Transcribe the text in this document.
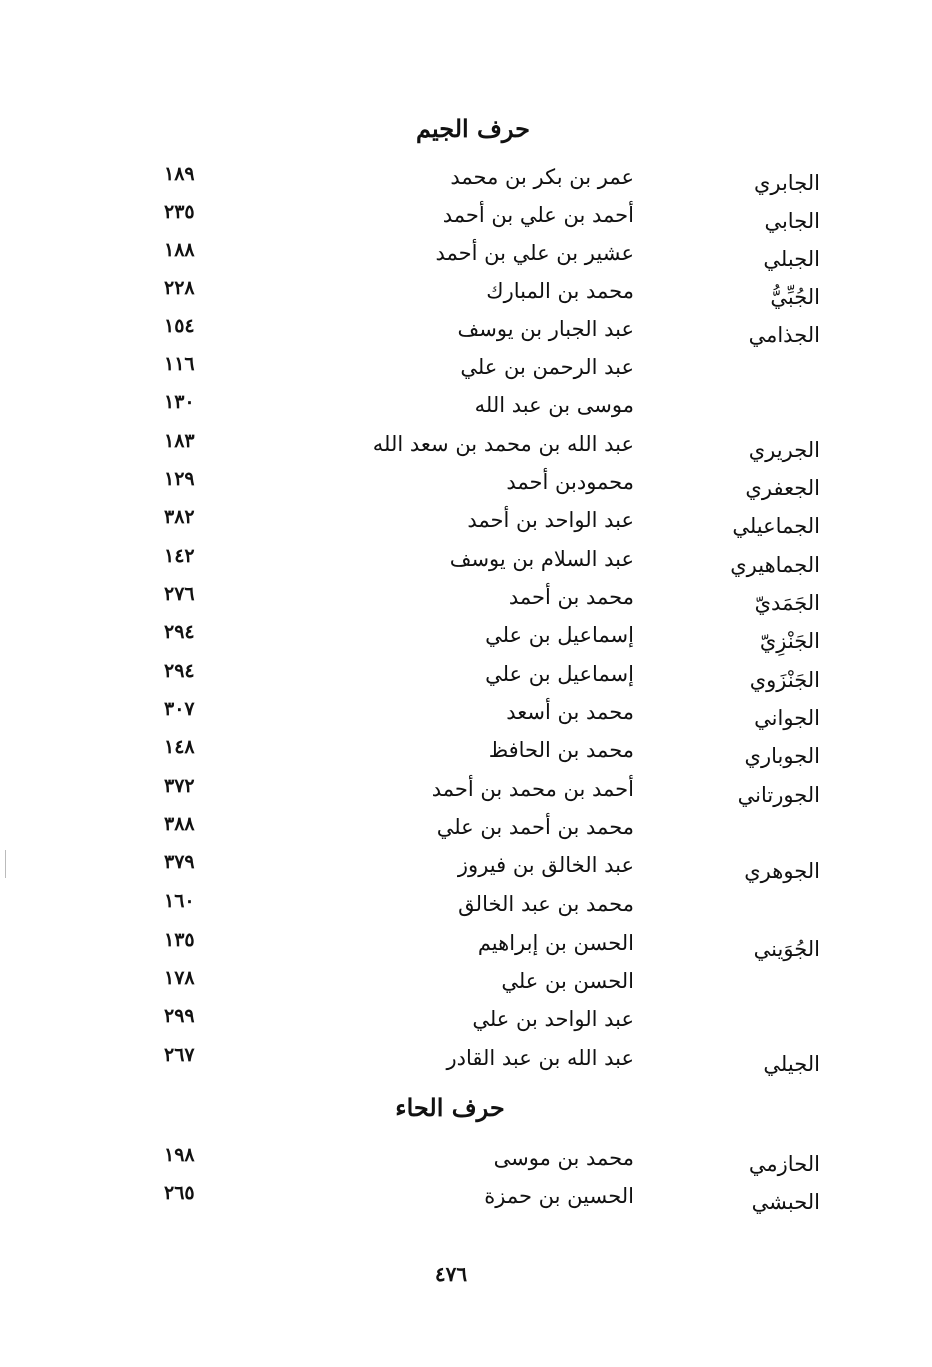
حرف الجيم
الجابري
عمر بن بكر بن محمد
١٨٩
الجابي
أحمد بن علي بن أحمد
٢٣٥
الجبلي
عشير بن علي بن أحمد
١٨٨
الجُبِّيُّ
محمد بن المبارك
٢٢٨
الجذامي
عبد الجبار بن يوسف
١٥٤
عبد الرحمن بن علي
١١٦
موسى بن عبد الله
١٣٠
الجريري
عبد الله بن محمد بن سعد الله
١٨٣
الجعفري
محمودبن أحمد
١٢٩
الجماعيلي
عبد الواحد بن أحمد
٣٨٢
الجماهيري
عبد السلام بن يوسف
١٤٢
الجَمَديّ
محمد بن أحمد
٢٧٦
الجَنْزِيّ
إسماعيل بن علي
٢٩٤
الجَنْزَوي
إسماعيل بن علي
٢٩٤
الجواني
محمد بن أسعد
٣٠٧
الجوباري
محمد بن الحافظ
١٤٨
الجورتاني
أحمد بن محمد بن أحمد
٣٧٢
محمد بن أحمد بن علي
٣٨٨
الجوهري
عبد الخالق بن فيروز
٣٧٩
محمد بن عبد الخالق
١٦٠
الجُوَيني
الحسن بن إبراهيم
١٣٥
الحسن بن علي
١٧٨
عبد الواحد بن علي
٢٩٩
الجيلي
عبد الله بن عبد القادر
٢٦٧
حرف الحاء
الحازمي
محمد بن موسى
١٩٨
الحبشي
الحسين بن حمزة
٢٦٥
٤٧٦
